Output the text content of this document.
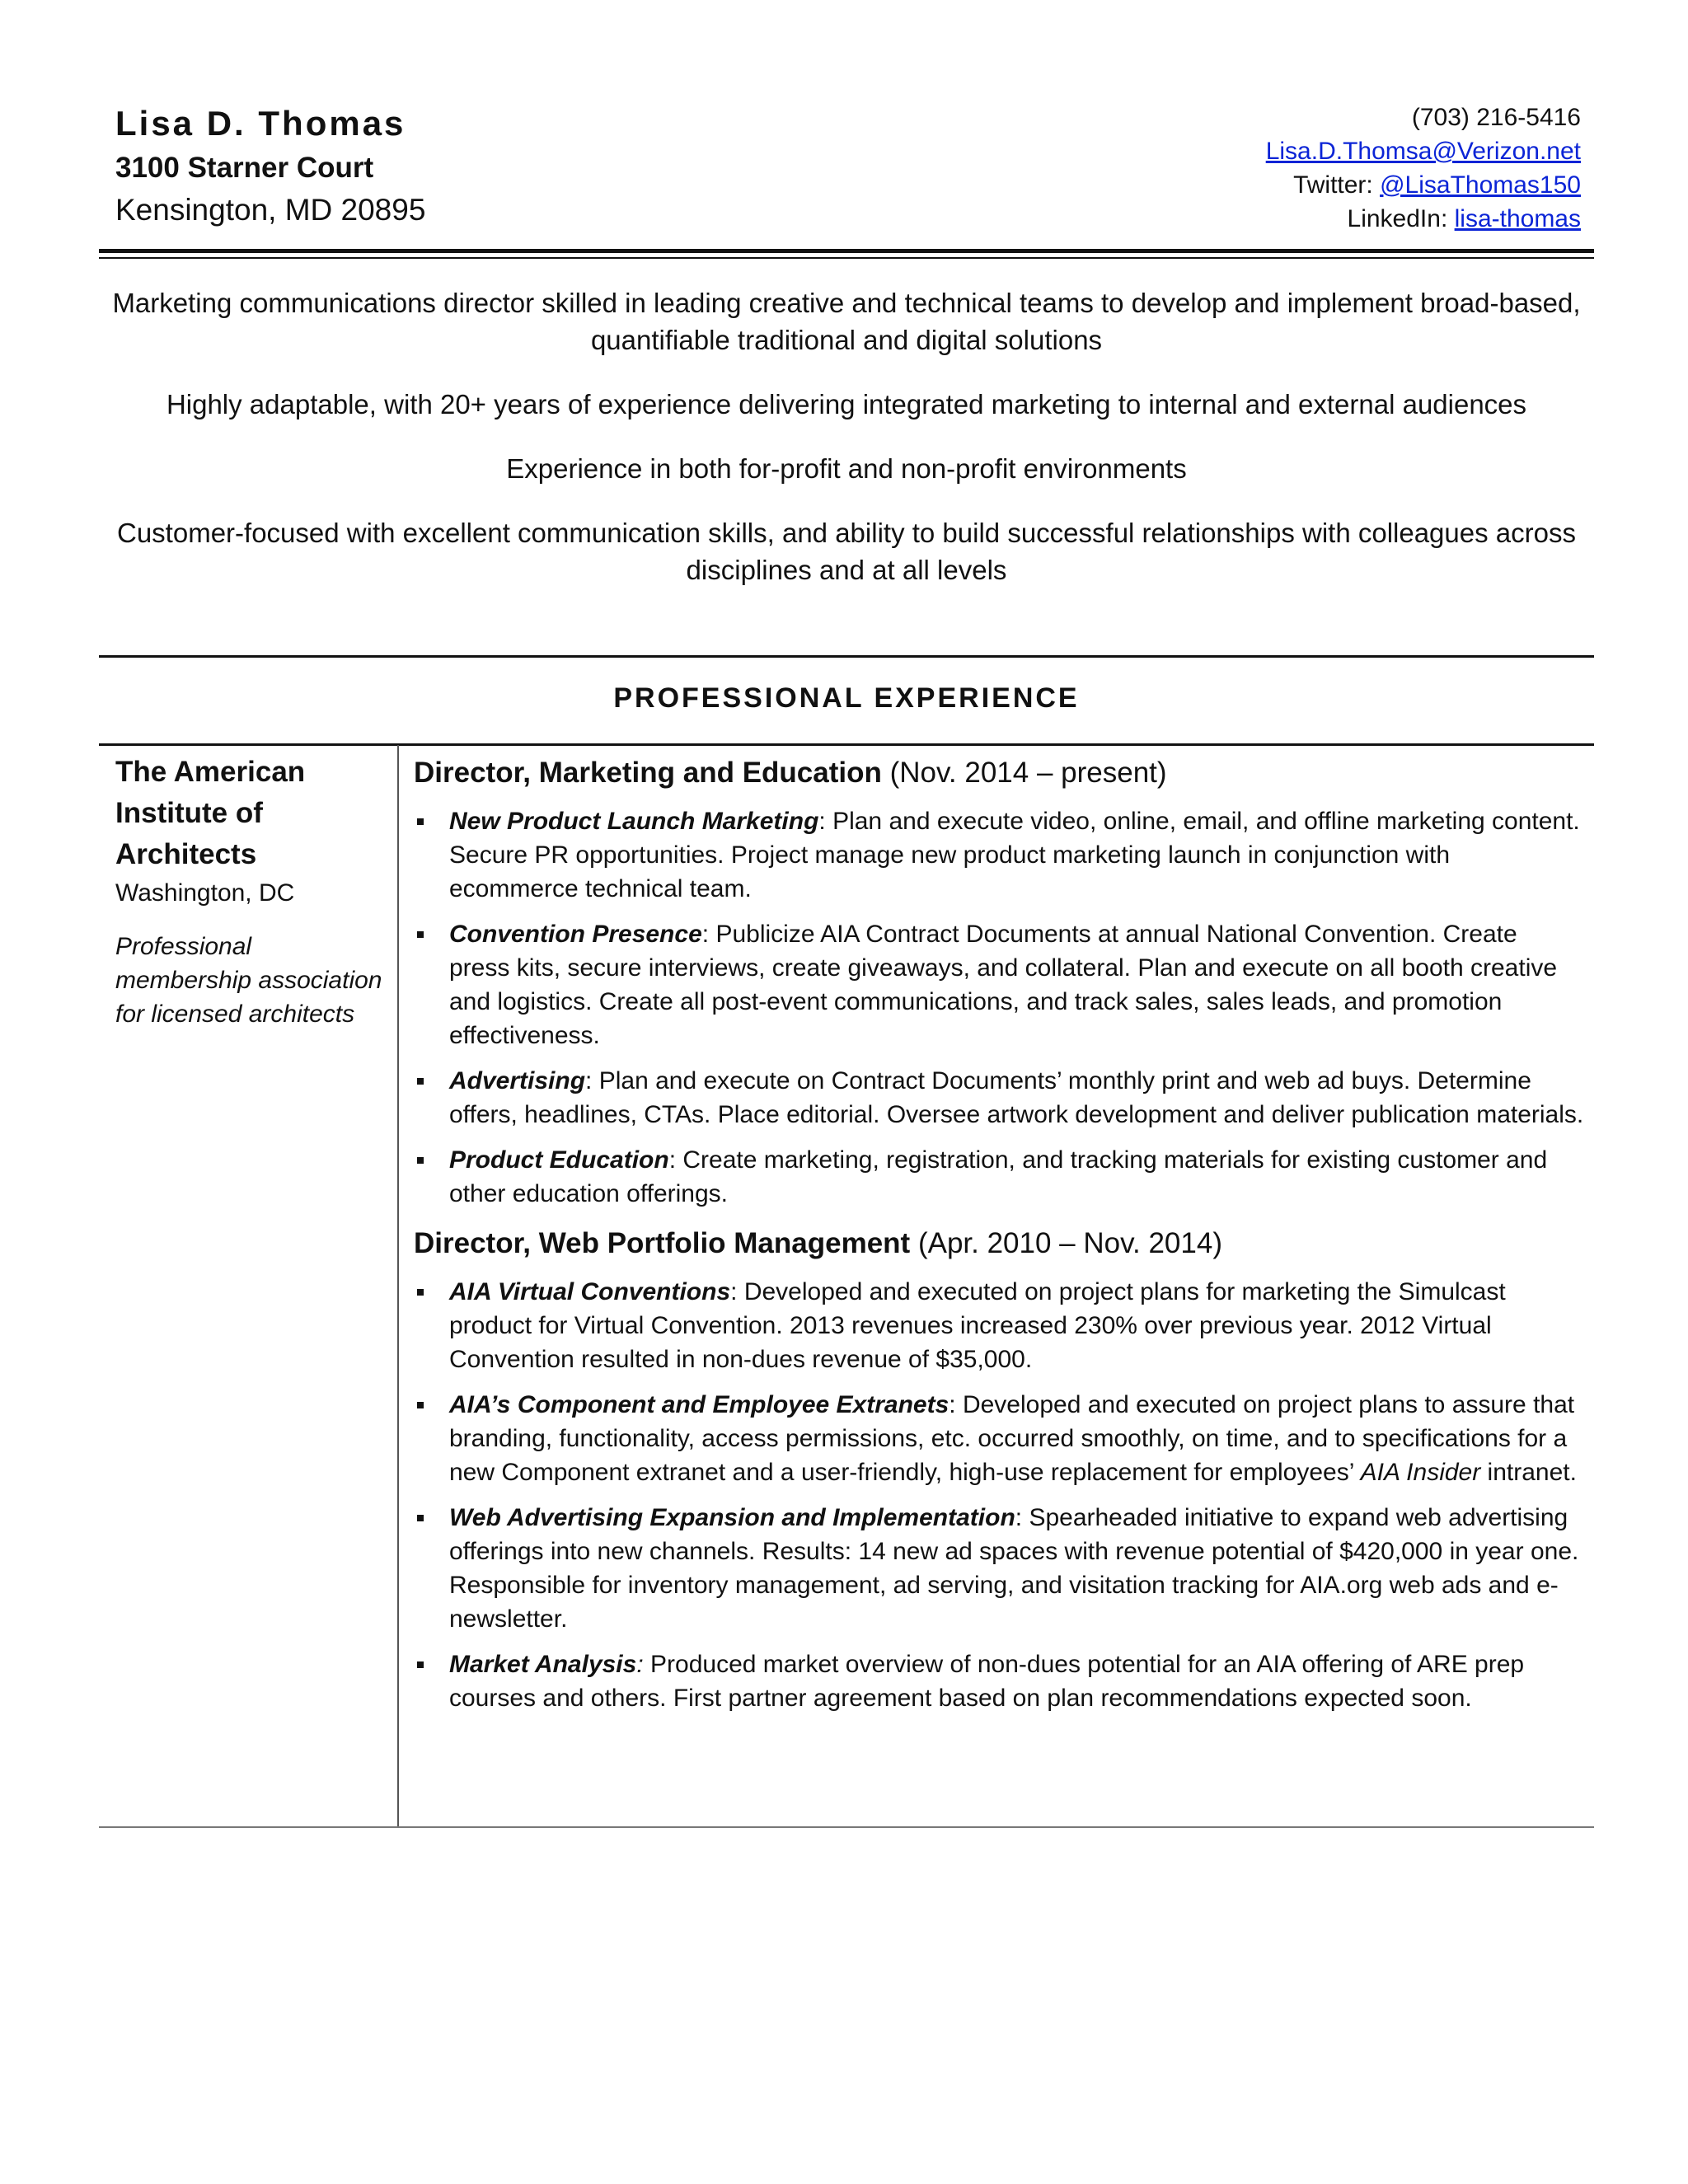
Lisa D. Thomas
3100 Starner Court
Kensington, MD 20895
(703) 216-5416
Lisa.D.Thomsa@Verizon.net
Twitter: @LisaThomas150
LinkedIn: lisa-thomas

Marketing communications director skilled in leading creative and technical teams to develop and implement broad-based, quantifiable traditional and digital solutions

Highly adaptable, with 20+ years of experience delivering integrated marketing to internal and external audiences

Experience in both for-profit and non-profit environments

Customer-focused with excellent communication skills, and ability to build successful relationships with colleagues across disciplines and at all levels

PROFESSIONAL EXPERIENCE
The American Institute of Architects
Washington, DC
Professional membership association for licensed architects
Director, Marketing and Education (Nov. 2014 – present)
New Product Launch Marketing: Plan and execute video, online, email, and offline marketing content. Secure PR opportunities. Project manage new product marketing launch in conjunction with ecommerce technical team.
Convention Presence: Publicize AIA Contract Documents at annual National Convention. Create press kits, secure interviews, create giveaways, and collateral. Plan and execute on all booth creative and logistics. Create all post-event communications, and track sales, sales leads, and promotion effectiveness.
Advertising: Plan and execute on Contract Documents’ monthly print and web ad buys. Determine offers, headlines, CTAs. Place editorial. Oversee artwork development and deliver publication materials.
Product Education: Create marketing, registration, and tracking materials for existing customer and other education offerings.
Director, Web Portfolio Management (Apr. 2010 – Nov. 2014)
AIA Virtual Conventions: Developed and executed on project plans for marketing the Simulcast product for Virtual Convention. 2013 revenues increased 230% over previous year. 2012 Virtual Convention resulted in non-dues revenue of $35,000.
AIA’s Component and Employee Extranets: Developed and executed on project plans to assure that branding, functionality, access permissions, etc. occurred smoothly, on time, and to specifications for a new Component extranet and a user-friendly, high-use replacement for employees’ AIA Insider intranet.
Web Advertising Expansion and Implementation: Spearheaded initiative to expand web advertising offerings into new channels. Results: 14 new ad spaces with revenue potential of $420,000 in year one. Responsible for inventory management, ad serving, and visitation tracking for AIA.org web ads and e-newsletter.
Market Analysis: Produced market overview of non-dues potential for an AIA offering of ARE prep courses and others. First partner agreement based on plan recommendations expected soon.
